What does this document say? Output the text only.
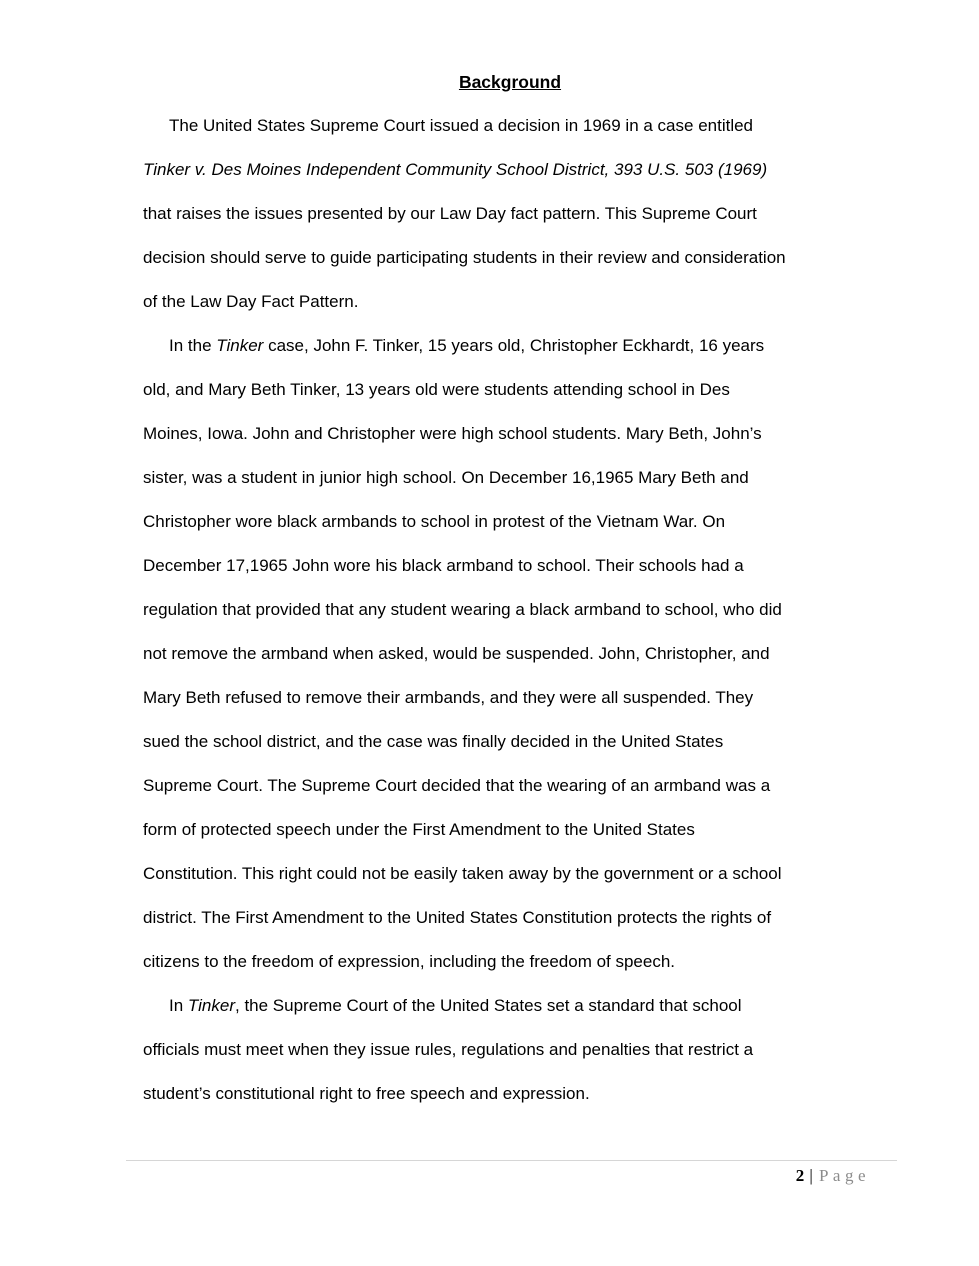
Background
The United States Supreme Court issued a decision in 1969 in a case entitled
Tinker v. Des Moines Independent Community School District, 393 U.S. 503 (1969)
that raises the issues presented by our Law Day fact pattern. This Supreme Court
decision should serve to guide participating students in their review and consideration
of the Law Day Fact Pattern.
In the Tinker case, John F. Tinker, 15 years old, Christopher Eckhardt, 16 years
old, and Mary Beth Tinker, 13 years old were students attending school in Des
Moines, Iowa. John and Christopher were high school students. Mary Beth, John’s
sister, was a student in junior high school. On December 16,1965 Mary Beth and
Christopher wore black armbands to school in protest of the Vietnam War. On
December 17,1965 John wore his black armband to school. Their schools had a
regulation that provided that any student wearing a black armband to school, who did
not remove the armband when asked, would be suspended. John, Christopher, and
Mary Beth refused to remove their armbands, and they were all suspended. They
sued the school district, and the case was finally decided in the United States
Supreme Court. The Supreme Court decided that the wearing of an armband was a
form of protected speech under the First Amendment to the United States
Constitution. This right could not be easily taken away by the government or a school
district. The First Amendment to the United States Constitution protects the rights of
citizens to the freedom of expression, including the freedom of speech.
In Tinker, the Supreme Court of the United States set a standard that school
officials must meet when they issue rules, regulations and penalties that restrict a
student’s constitutional right to free speech and expression.
2 | Page
